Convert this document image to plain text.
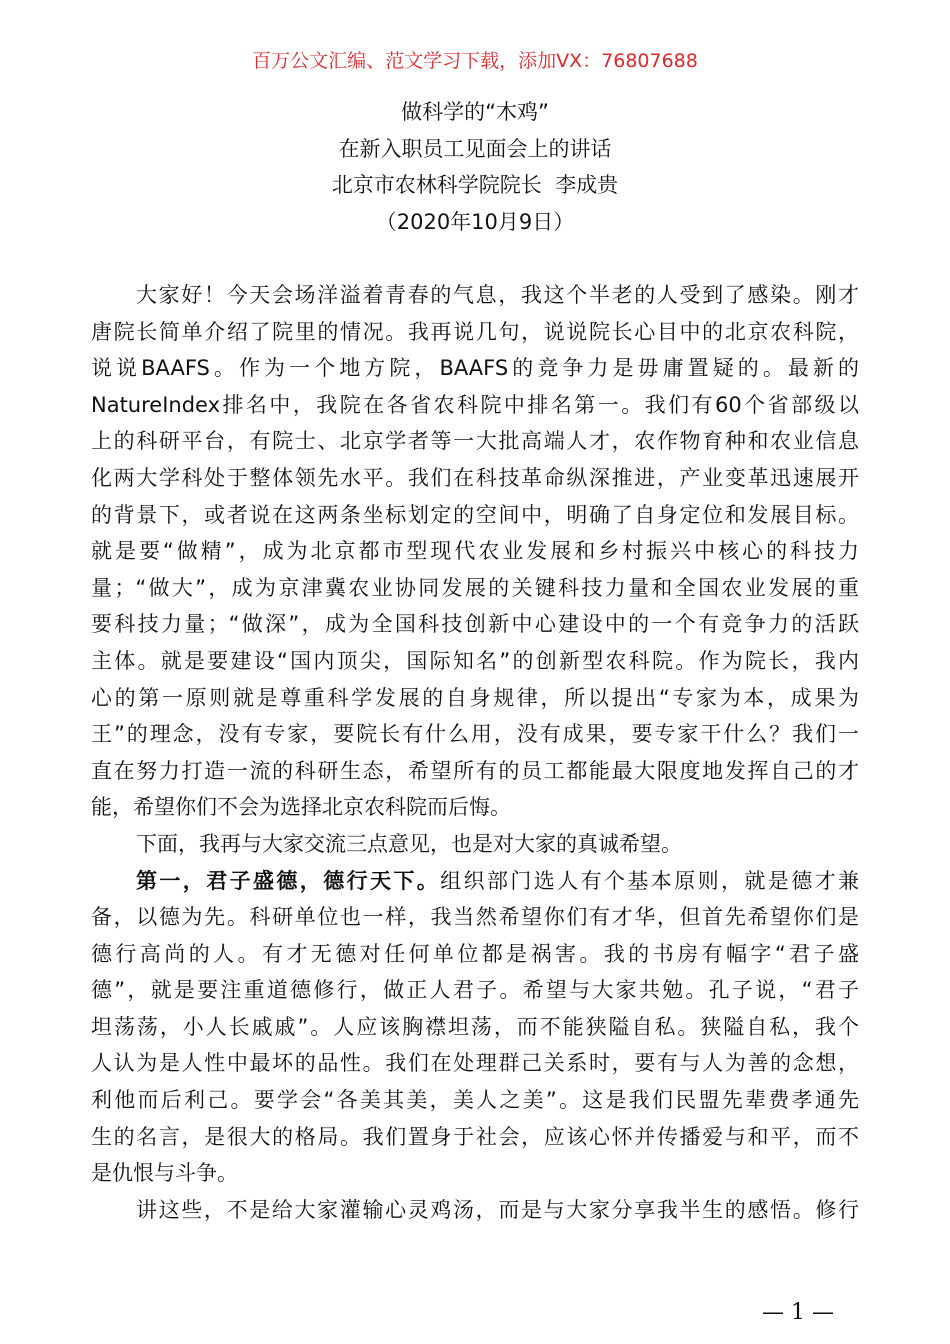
百万公文汇编、范文学习下载，添加VX：76807688
做科学的“木鸡”
在新入职员工见面会上的讲话
北京市农林科学院院长  李成贵
（2020年10月9日）
大家好！今天会场洋溢着青春的气息，我这个半老的人受到了感染。刚才
唐院长简单介绍了院里的情况。我再说几句，说说院长心目中的北京农科院，
说说BAAFS。作为一个地方院，BAAFS的竞争力是毋庸置疑的。最新的
NatureIndex排名中，我院在各省农科院中排名第一。我们有60个省部级以
上的科研平台，有院士、北京学者等一大批高端人才，农作物育种和农业信息
化两大学科处于整体领先水平。我们在科技革命纵深推进，产业变革迅速展开
的背景下，或者说在这两条坐标划定的空间中，明确了自身定位和发展目标。
就是要“做精”，成为北京都市型现代农业发展和乡村振兴中核心的科技力
量；“做大”，成为京津冀农业协同发展的关键科技力量和全国农业发展的重
要科技力量；“做深”，成为全国科技创新中心建设中的一个有竞争力的活跃
主体。就是要建设“国内顶尖，国际知名”的创新型农科院。作为院长，我内
心的第一原则就是尊重科学发展的自身规律，所以提出“专家为本，成果为
王”的理念，没有专家，要院长有什么用，没有成果，要专家干什么？我们一
直在努力打造一流的科研生态，希望所有的员工都能最大限度地发挥自己的才
能，希望你们不会为选择北京农科院而后悔。
下面，我再与大家交流三点意见，也是对大家的真诚希望。
第一，君子盛德，德行天下。组织部门选人有个基本原则，就是德才兼
备，以德为先。科研单位也一样，我当然希望你们有才华，但首先希望你们是
德行高尚的人。有才无德对任何单位都是祸害。我的书房有幅字“君子盛
德”，就是要注重道德修行，做正人君子。希望与大家共勉。孔子说，“君子
坦荡荡，小人长戚戚”。人应该胸襟坦荡，而不能狭隘自私。狭隘自私，我个
人认为是人性中最坏的品性。我们在处理群己关系时，要有与人为善的念想，
利他而后利己。要学会“各美其美，美人之美”。这是我们民盟先辈费孝通先
生的名言，是很大的格局。我们置身于社会，应该心怀并传播爱与和平，而不
是仇恨与斗争。
讲这些，不是给大家灌输心灵鸡汤，而是与大家分享我半生的感悟。修行
— 1 —
